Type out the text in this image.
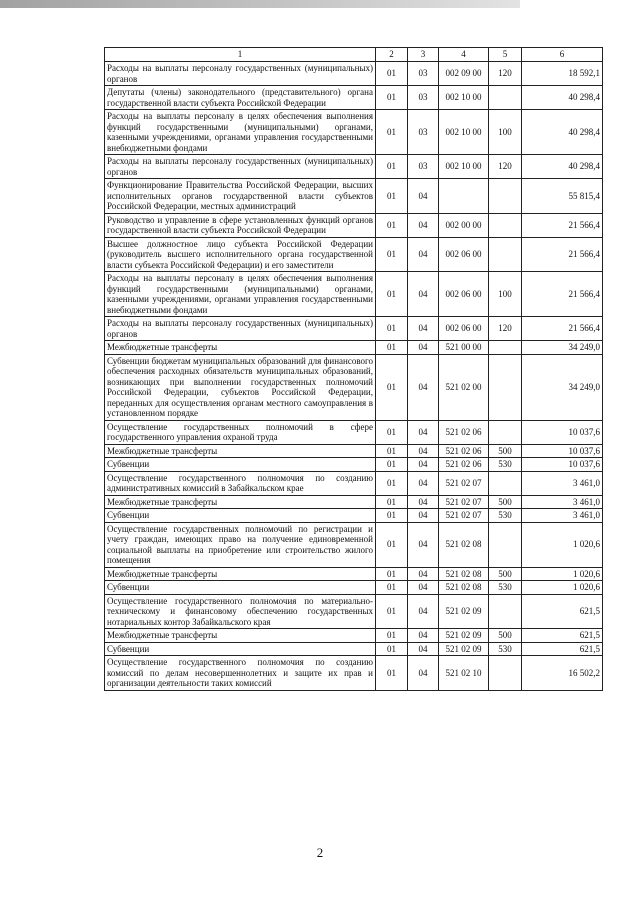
1	2	3	4	5	6
Расходы на выплаты персоналу государственных (муниципальных) органов	01	03	002 09 00	120	18 592,1
Депутаты (члены) законодательного (представительного) органа государственной власти субъекта Российской Федерации	01	03	002 10 00		40 298,4
Расходы на выплаты персоналу в целях обеспечения выполнения функций государственными (муниципальными) органами, казенными учреждениями, органами управления государственными внебюджетными фондами	01	03	002 10 00	100	40 298,4
Расходы на выплаты персоналу государственных (муниципальных) органов	01	03	002 10 00	120	40 298,4
Функционирование Правительства Российской Федерации, высших исполнительных органов государственной власти субъектов Российской Федерации, местных администраций	01	04			55 815,4
Руководство и управление в сфере установленных функций органов государственной власти субъекта Российской Федерации	01	04	002 00 00		21 566,4
Высшее должностное лицо субъекта Российской Федерации (руководитель высшего исполнительного органа государственной власти субъекта Российской Федерации) и его заместители	01	04	002 06 00		21 566,4
Расходы на выплаты персоналу в целях обеспечения выполнения функций государственными (муниципальными) органами, казенными учреждениями, органами управления государственными внебюджетными фондами	01	04	002 06 00	100	21 566,4
Расходы на выплаты персоналу государственных (муниципальных) органов	01	04	002 06 00	120	21 566,4
Межбюджетные трансферты	01	04	521 00 00		34 249,0
Субвенции бюджетам муниципальных образований для финансового обеспечения расходных обязательств муниципальных образований, возникающих при выполнении государственных полномочий Российской Федерации, субъектов Российской Федерации, переданных для осуществления органам местного самоуправления в установленном порядке	01	04	521 02 00		34 249,0
Осуществление государственных полномочий в сфере государственного управления охраной труда	01	04	521 02 06		10 037,6
Межбюджетные трансферты	01	04	521 02 06	500	10 037,6
Субвенции	01	04	521 02 06	530	10 037,6
Осуществление государственного полномочия по созданию административных комиссий в Забайкальском крае	01	04	521 02 07		3 461,0
Межбюджетные трансферты	01	04	521 02 07	500	3 461,0
Субвенции	01	04	521 02 07	530	3 461,0
Осуществление государственных полномочий по регистрации и учету граждан, имеющих право на получение единовременной социальной выплаты на приобретение или строительство жилого помещения	01	04	521 02 08		1 020,6
Межбюджетные трансферты	01	04	521 02 08	500	1 020,6
Субвенции	01	04	521 02 08	530	1 020,6
Осуществление государственного полномочия по материально-техническому и финансовому обеспечению государственных нотариальных контор Забайкальского края	01	04	521 02 09		621,5
Межбюджетные трансферты	01	04	521 02 09	500	621,5
Субвенции	01	04	521 02 09	530	621,5
Осуществление государственного полномочия по созданию комиссий по делам несовершеннолетних и защите их прав и организации деятельности таких комиссий	01	04	521 02 10		16 502,2
2
